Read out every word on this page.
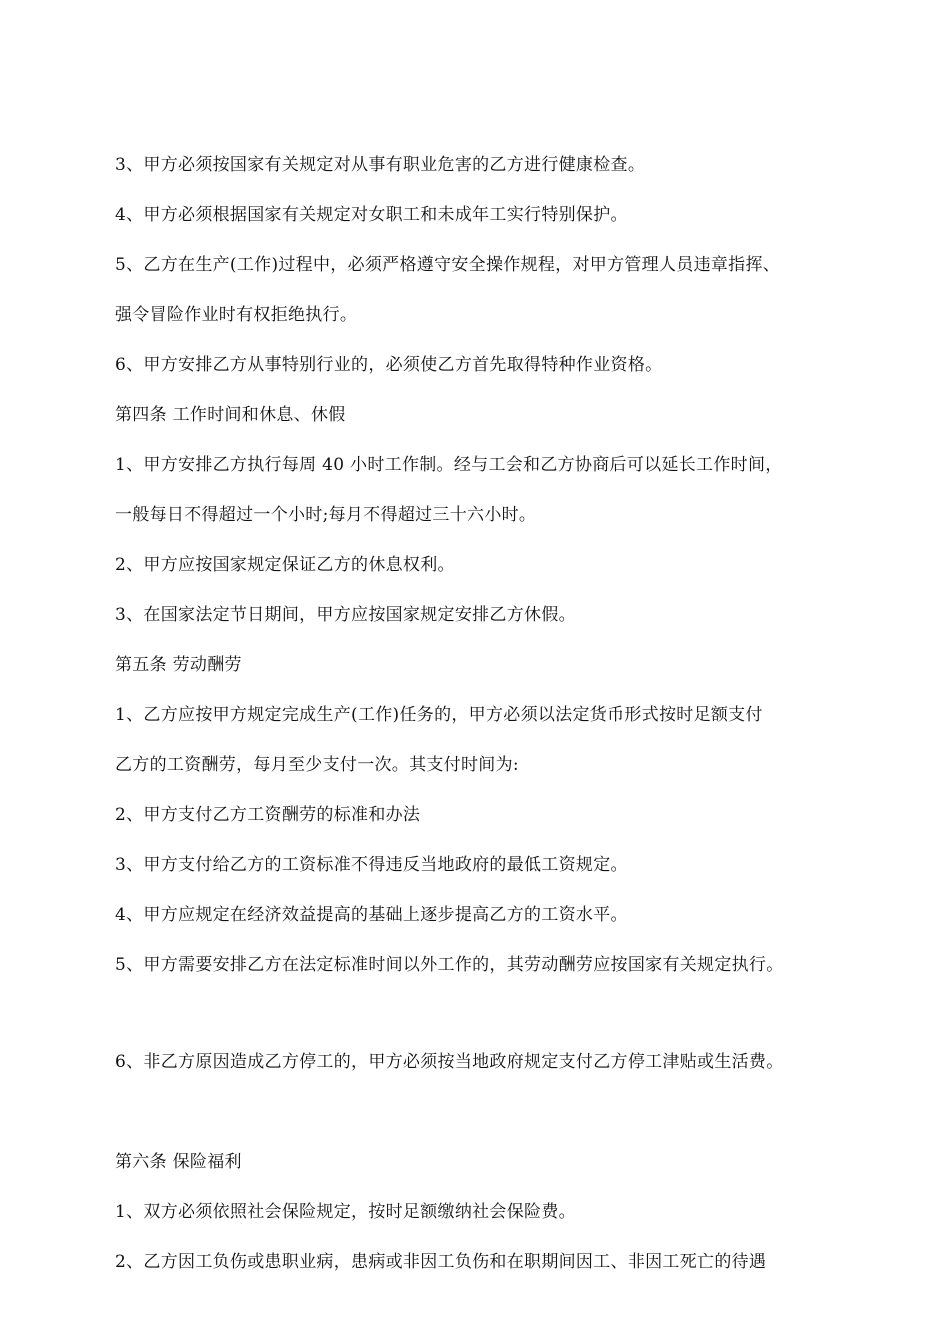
3、甲方必须按国家有关规定对从事有职业危害的乙方进行健康检查。
4、甲方必须根据国家有关规定对女职工和未成年工实行特别保护。
5、乙方在生产(工作)过程中，必须严格遵守安全操作规程，对甲方管理人员违章指挥、
强令冒险作业时有权拒绝执行。
6、甲方安排乙方从事特别行业的，必须使乙方首先取得特种作业资格。
第四条 工作时间和休息、休假
1、甲方安排乙方执行每周 40 小时工作制。经与工会和乙方协商后可以延长工作时间，
一般每日不得超过一个小时;每月不得超过三十六小时。
2、甲方应按国家规定保证乙方的休息权利。
3、在国家法定节日期间，甲方应按国家规定安排乙方休假。
第五条 劳动酬劳
1、乙方应按甲方规定完成生产(工作)任务的，甲方必须以法定货币形式按时足额支付
乙方的工资酬劳，每月至少支付一次。其支付时间为:
2、甲方支付乙方工资酬劳的标准和办法
3、甲方支付给乙方的工资标准不得违反当地政府的最低工资规定。
4、甲方应规定在经济效益提高的基础上逐步提高乙方的工资水平。
5、甲方需要安排乙方在法定标准时间以外工作的，其劳动酬劳应按国家有关规定执行。
6、非乙方原因造成乙方停工的，甲方必须按当地政府规定支付乙方停工津贴或生活费。
第六条 保险福利
1、双方必须依照社会保险规定，按时足额缴纳社会保险费。
2、乙方因工负伤或患职业病，患病或非因工负伤和在职期间因工、非因工死亡的待遇
